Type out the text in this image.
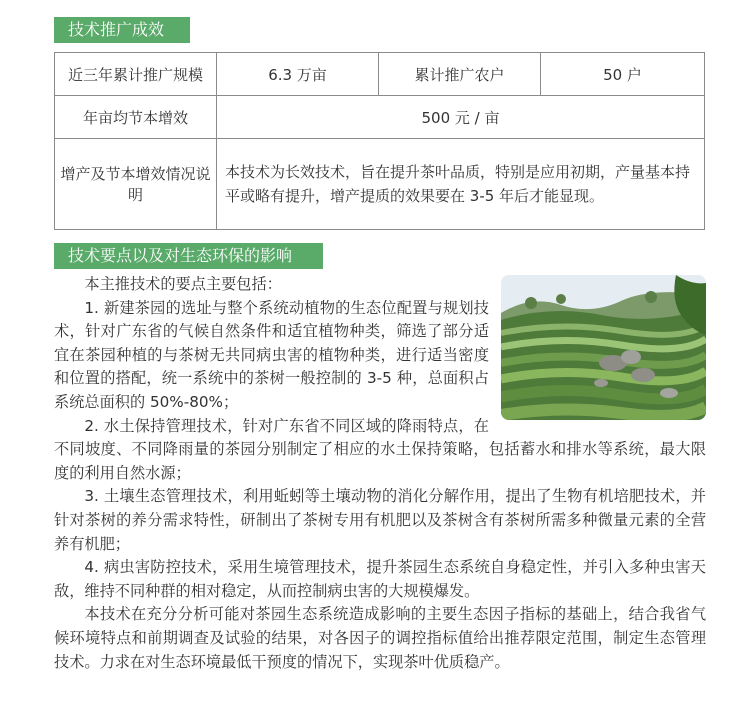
技术推广成效
近三年累计推广规模	6.3 万亩	累计推广农户	50 户
年亩均节本增效	500 元 / 亩		
增产及节本增效情况说明	本技术为长效技术，旨在提升茶叶品质，特别是应用初期，产量基本持平或略有提升，增产提质的效果要在 3-5 年后才能显现。		
技术要点以及对生态环保的影响

本主推技术的要点主要包括：

1. 新建茶园的选址与整个系统动植物的生态位配置与规划技术，针对广东省的气候自然条件和适宜植物种类，筛选了部分适宜在茶园种植的与茶树无共同病虫害的植物种类，进行适当密度和位置的搭配，统一系统中的茶树一般控制的 3-5 种，总面积占系统总面积的 50%-80%；

2. 水土保持管理技术，针对广东省不同区域的降雨特点，在不同坡度、不同降雨量的茶园分别制定了相应的水土保持策略，包括蓄水和排水等系统，最大限度的利用自然水源；

3. 土壤生态管理技术，利用蚯蚓等土壤动物的消化分解作用，提出了生物有机培肥技术，并针对茶树的养分需求特性，研制出了茶树专用有机肥以及茶树含有茶树所需多种微量元素的全营养有机肥；

4. 病虫害防控技术，采用生境管理技术，提升茶园生态系统自身稳定性，并引入多种虫害天敌，维持不同种群的相对稳定，从而控制病虫害的大规模爆发。

本技术在充分分析可能对茶园生态系统造成影响的主要生态因子指标的基础上，结合我省气候环境特点和前期调查及试验的结果，对各因子的调控指标值给出推荐限定范围，制定生态管理技术。力求在对生态环境最低干预度的情况下，实现茶叶优质稳产。
